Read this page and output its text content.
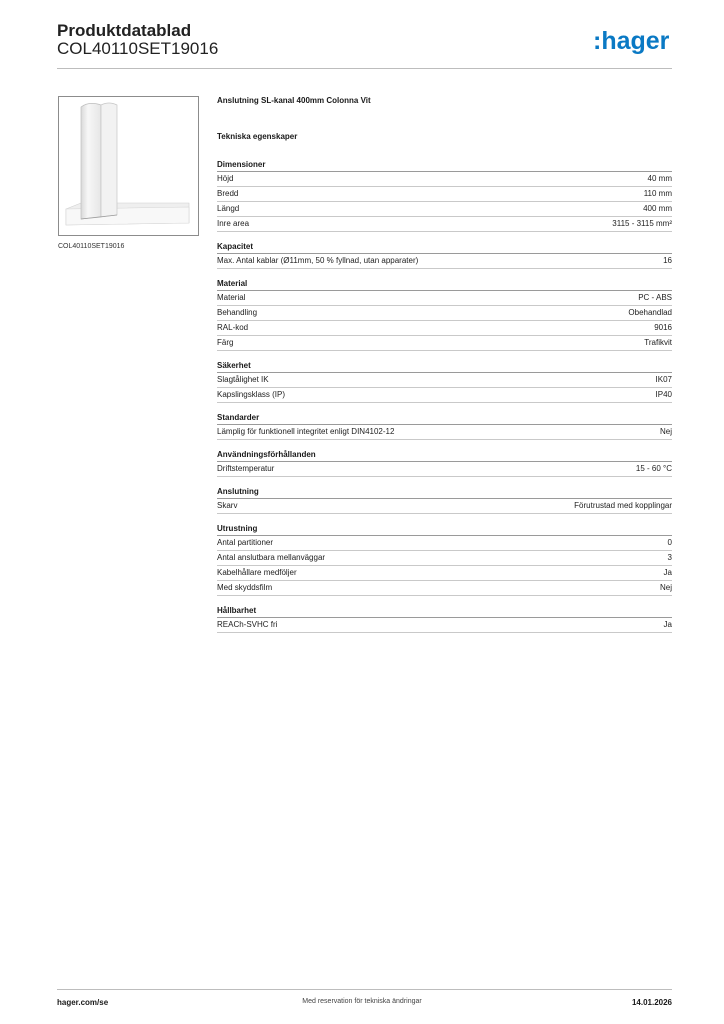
Produktdatablad
COL40110SET19016	:hager
COL40110SET19016
Anslutning SL-kanal 400mm Colonna Vit
Tekniska egenskaper
Dimensioner
Höjd	40 mm
Bredd	110 mm
Längd	400 mm
Inre area	3115 - 3115 mm²
Kapacitet
Max. Antal kablar (Ø11mm, 50 % fyllnad, utan apparater)	16
Material
Material	PC - ABS
Behandling	Obehandlad
RAL-kod	9016
Färg	Trafikvit
Säkerhet
Slagtålighet IK	IK07
Kapslingsklass (IP)	IP40
Standarder
Lämplig för funktionell integritet enligt DIN4102-12	Nej
Användningsförhållanden
Driftstemperatur	15 - 60 °C
Anslutning
Skarv	Förutrustad med kopplingar
Utrustning
Antal partitioner	0
Antal anslutbara mellanväggar	3
Kabelhållare medföljer	Ja
Med skyddsfilm	Nej
Hållbarhet
REACh-SVHC fri	Ja
hager.com/se	Med reservation för tekniska ändringar	14.01.2026
